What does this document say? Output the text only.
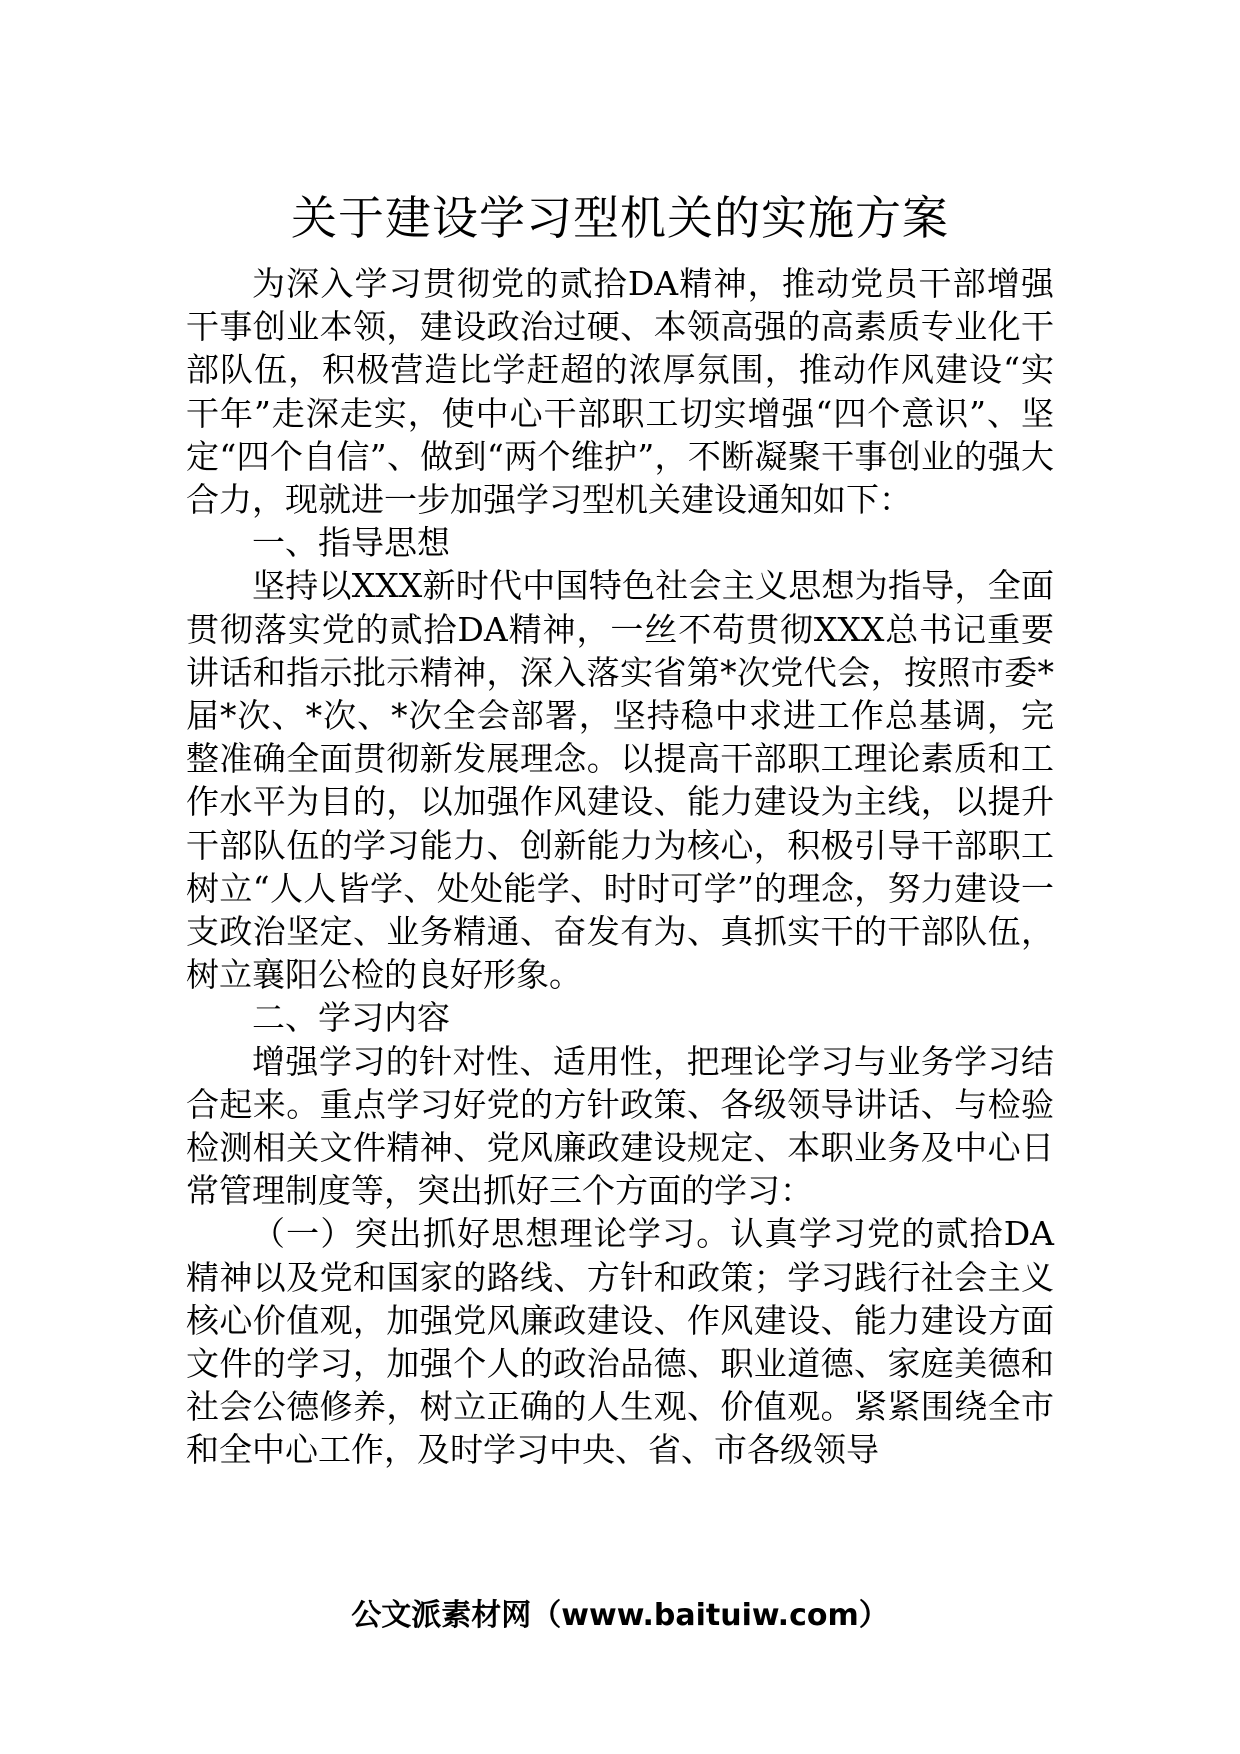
关于建设学习型机关的实施方案

为深入学习贯彻党的贰拾DA精神，推动党员干部增强干事创业本领，建设政治过硬、本领高强的高素质专业化干部队伍，积极营造比学赶超的浓厚氛围，推动作风建设“实干年”走深走实，使中心干部职工切实增强“四个意识”、坚定“四个自信”、做到“两个维护”，不断凝聚干事创业的强大合力，现就进一步加强学习型机关建设通知如下：

一、指导思想

坚持以XXX新时代中国特色社会主义思想为指导，全面贯彻落实党的贰拾DA精神，一丝不苟贯彻XXX总书记重要讲话和指示批示精神，深入落实省第*次党代会，按照市委*届*次、*次、*次全会部署，坚持稳中求进工作总基调，完整准确全面贯彻新发展理念。以提高干部职工理论素质和工作水平为目的，以加强作风建设、能力建设为主线，以提升干部队伍的学习能力、创新能力为核心，积极引导干部职工树立“人人皆学、处处能学、时时可学”的理念，努力建设一支政治坚定、业务精通、奋发有为、真抓实干的干部队伍，树立襄阳公检的良好形象。

二、学习内容

增强学习的针对性、适用性，把理论学习与业务学习结合起来。重点学习好党的方针政策、各级领导讲话、与检验检测相关文件精神、党风廉政建设规定、本职业务及中心日常管理制度等，突出抓好三个方面的学习：

（一）突出抓好思想理论学习。认真学习党的贰拾DA精神以及党和国家的路线、方针和政策；学习践行社会主义核心价值观，加强党风廉政建设、作风建设、能力建设方面文件的学习，加强个人的政治品德、职业道德、家庭美德和社会公德修养，树立正确的人生观、价值观。紧紧围绕全市和全中心工作，及时学习中央、省、市各级领导

公文派素材网（www.baituiw.com）
